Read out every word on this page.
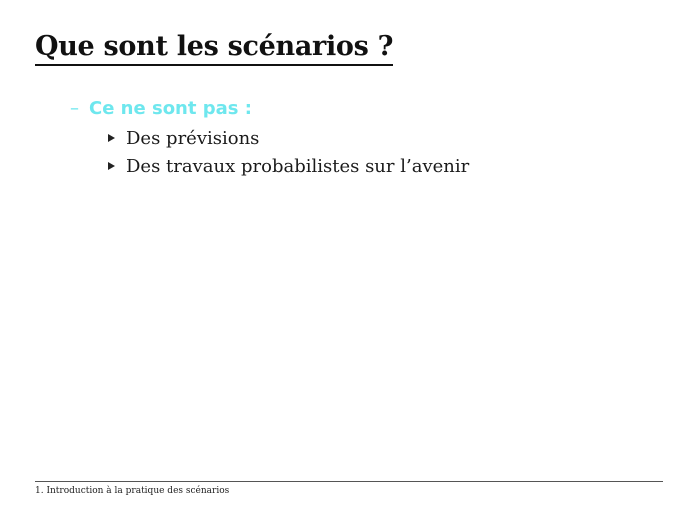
Que sont les scénarios ?
– Ce ne sont pas :
Des prévisions
Des travaux probabilistes sur l’avenir
1. Introduction à la pratique des scénarios
